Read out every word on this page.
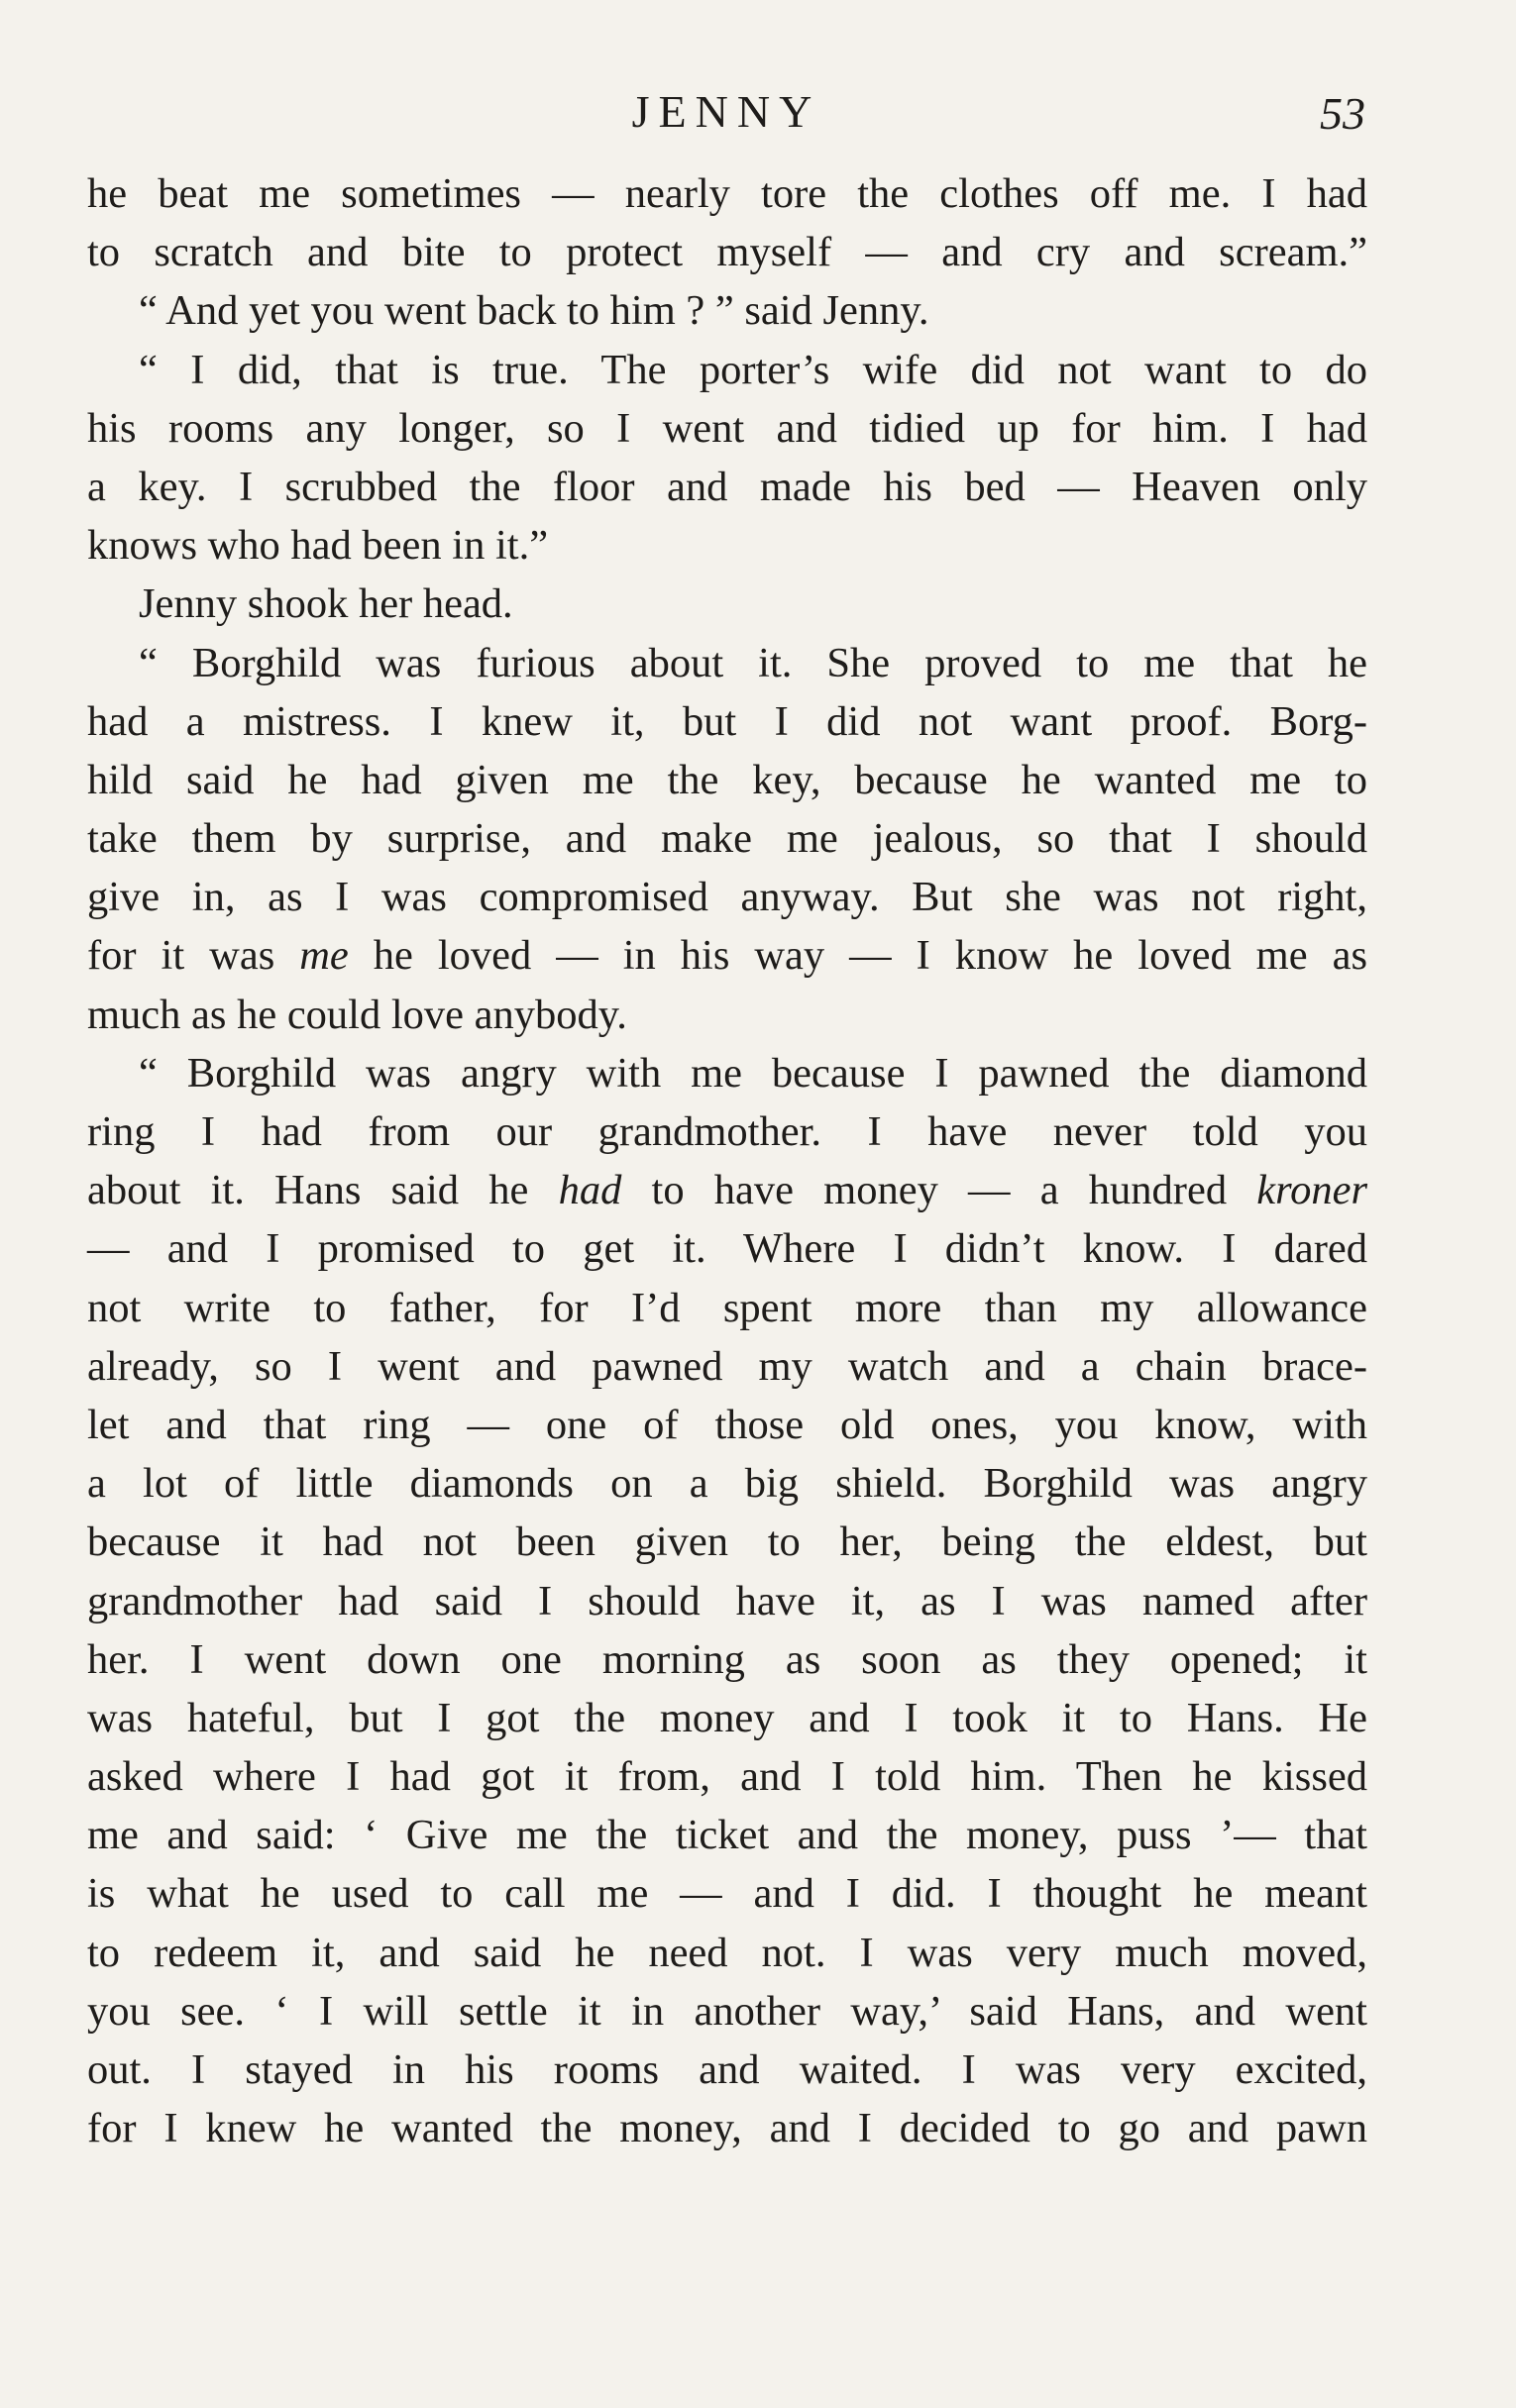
JENNY	53
he beat me sometimes — nearly tore the clothes off me. I had
to scratch and bite to protect myself — and cry and scream.”
“ And yet you went back to him ? ” said Jenny.
“ I did, that is true. The porter’s wife did not want to do
his rooms any longer, so I went and tidied up for him. I had
a key. I scrubbed the floor and made his bed — Heaven only
knows who had been in it.”
Jenny shook her head.
“ Borghild was furious about it. She proved to me that he
had a mistress. I knew it, but I did not want proof. Borg-
hild said he had given me the key, because he wanted me to
take them by surprise, and make me jealous, so that I should
give in, as I was compromised anyway. But she was not right,
for it was me he loved — in his way — I know he loved me as
much as he could love anybody.
“ Borghild was angry with me because I pawned the diamond
ring I had from our grandmother. I have never told you
about it. Hans said he had to have money — a hundred kroner
— and I promised to get it. Where I didn’t know. I dared
not write to father, for I’d spent more than my allowance
already, so I went and pawned my watch and a chain brace-
let and that ring — one of those old ones, you know, with
a lot of little diamonds on a big shield. Borghild was angry
because it had not been given to her, being the eldest, but
grandmother had said I should have it, as I was named after
her. I went down one morning as soon as they opened; it
was hateful, but I got the money and I took it to Hans. He
asked where I had got it from, and I told him. Then he kissed
me and said: ‘ Give me the ticket and the money, puss ’— that
is what he used to call me — and I did. I thought he meant
to redeem it, and said he need not. I was very much moved,
you see. ‘ I will settle it in another way,’ said Hans, and went
out. I stayed in his rooms and waited. I was very excited,
for I knew he wanted the money, and I decided to go and pawn
